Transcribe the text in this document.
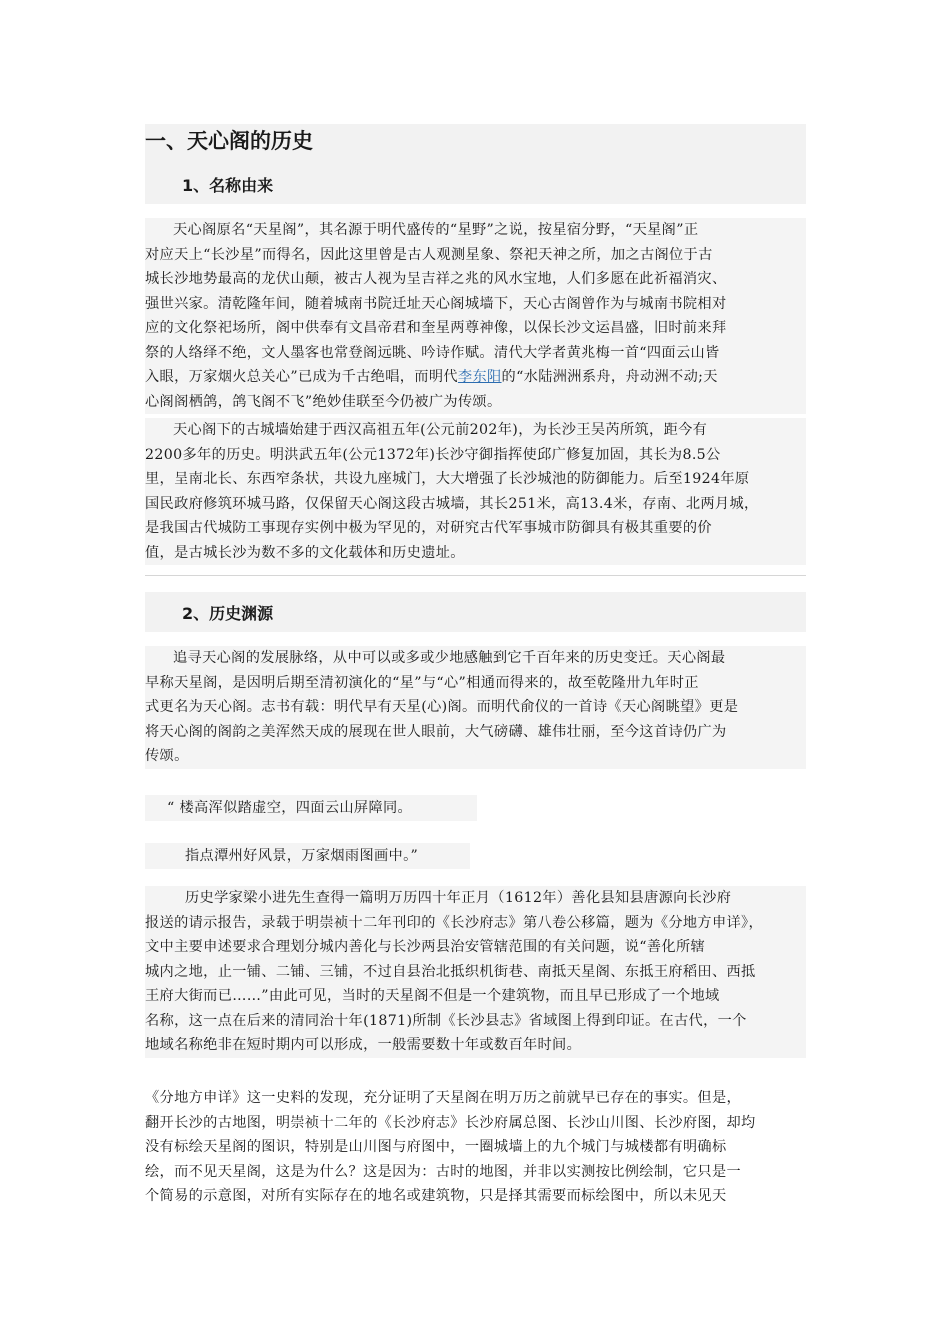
一、天心阁的历史
1、名称由来
天心阁原名“天星阁”，其名源于明代盛传的“星野”之说，按星宿分野，“天星阁”正
对应天上“长沙星”而得名，因此这里曾是古人观测星象、祭祀天神之所，加之古阁位于古
城长沙地势最高的龙伏山颠，被古人视为呈吉祥之兆的风水宝地，人们多愿在此祈福消灾、
强世兴家。清乾隆年间，随着城南书院迁址天心阁城墙下，天心古阁曾作为与城南书院相对
应的文化祭祀场所，阁中供奉有文昌帝君和奎星两尊神像，以保长沙文运昌盛，旧时前来拜
祭的人络绎不绝，文人墨客也常登阁远眺、吟诗作赋。清代大学者黄兆梅一首“四面云山皆
入眼，万家烟火总关心”已成为千古绝唱，而明代李东阳的“水陆洲洲系舟，舟动洲不动;天
心阁阁栖鸽，鸽飞阁不飞”绝妙佳联至今仍被广为传颂。
天心阁下的古城墙始建于西汉高祖五年(公元前202年)，为长沙王吴芮所筑，距今有
2200多年的历史。明洪武五年(公元1372年)长沙守御指挥使邱广修复加固，其长为8.5公
里，呈南北长、东西窄条状，共设九座城门，大大增强了长沙城池的防御能力。后至1924年原
国民政府修筑环城马路，仅保留天心阁这段古城墙，其长251米，高13.4米，存南、北两月城，
是我国古代城防工事现存实例中极为罕见的，对研究古代军事城市防御具有极其重要的价
值，是古城长沙为数不多的文化载体和历史遗址。
2、历史渊源
追寻天心阁的发展脉络，从中可以或多或少地感触到它千百年来的历史变迁。天心阁最
早称天星阁，是因明后期至清初演化的“星”与“心”相通而得来的，故至乾隆卅九年时正
式更名为天心阁。志书有载：明代早有天星(心)阁。而明代俞仪的一首诗《天心阁眺望》更是
将天心阁的阁韵之美浑然天成的展现在世人眼前，大气磅礴、雄伟壮丽，至今这首诗仍广为
传颂。
“ 楼高浑似踏虚空，四面云山屏障同。
指点潭州好风景，万家烟雨图画中。”
历史学家梁小进先生查得一篇明万历四十年正月（1612年）善化县知县唐源向长沙府
报送的请示报告，录载于明崇祯十二年刊印的《长沙府志》第八卷公移篇，题为《分地方申详》，
文中主要申述要求合理划分城内善化与长沙两县治安管辖范围的有关问题，说“善化所辖
城内之地，止一铺、二铺、三铺，不过自县治北抵织机街巷、南抵天星阁、东抵王府稻田、西抵
王府大街而已……”由此可见，当时的天星阁不但是一个建筑物，而且早已形成了一个地域
名称，这一点在后来的清同治十年(1871)所制《长沙县志》省域图上得到印证。在古代，一个
地域名称绝非在短时期内可以形成，一般需要数十年或数百年时间。
《分地方申详》这一史料的发现，充分证明了天星阁在明万历之前就早已存在的事实。但是，
翻开长沙的古地图，明崇祯十二年的《长沙府志》长沙府属总图、长沙山川图、长沙府图，却均
没有标绘天星阁的图识，特别是山川图与府图中，一圈城墙上的九个城门与城楼都有明确标
绘，而不见天星阁，这是为什么？这是因为：古时的地图，并非以实测按比例绘制，它只是一
个简易的示意图，对所有实际存在的地名或建筑物，只是择其需要而标绘图中，所以未见天
